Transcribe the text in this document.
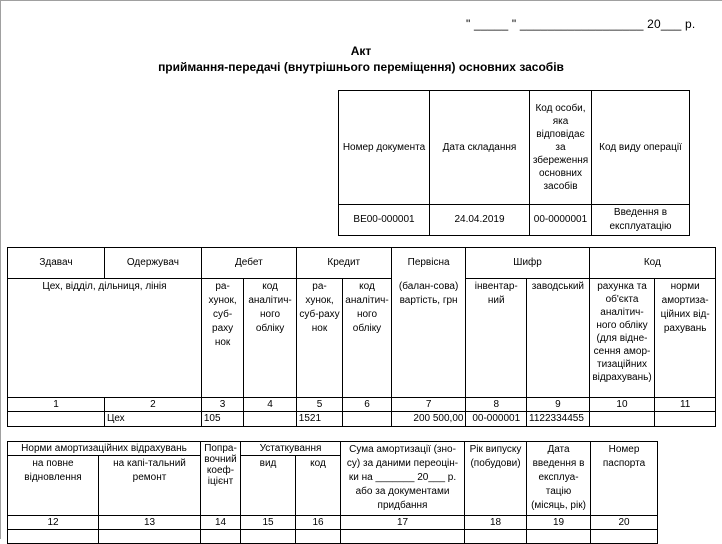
" _____ " __________________ 20___ р.
Акт
приймання-передачі (внутрішнього переміщення) основних засобів
Номер документа	Дата складання	Код особи, яка відповідає за збереження основних засобів	Код виду операції
ВЕ00-000001	24.04.2019	00-0000001	Введення в експлуатацію
Здавач	Одержувач	Дебет		Кредит		Первісна	Шифр		Код	
Цех, відділ, дільниця, лінія		ра-хунок, суб-раху нок	код аналітич-ного обліку	ра-хунок, суб-раху нок	код аналітич-ного обліку	(балан-сова) вартість, грн	інвентар-ний	заводський	рахунка та об'єкта аналітич-ного обліку (для відне-сення амор-тизаційних відрахувань)	норми амортиза-ційних від-рахувань
1	2	3	4	5	6	7	8	9	10	11
	Цех	105		1521		200 500,00	00-000001	1122334455		
Норми амортизаційних відрахувань		Попра-вочний коеф-іцієнт	Устаткування		Сума амортизації (зно-су) за даними переоцін-ки на _______ 20___ р. або за документами придбання	Рік випуску (побудови)	Дата введення в експлуа-тацію (місяць, рік)	Номер паспорта
на повне відновлення	на капі-тальний ремонт		вид	код				
12	13	14	15	16	17	18	19	20
